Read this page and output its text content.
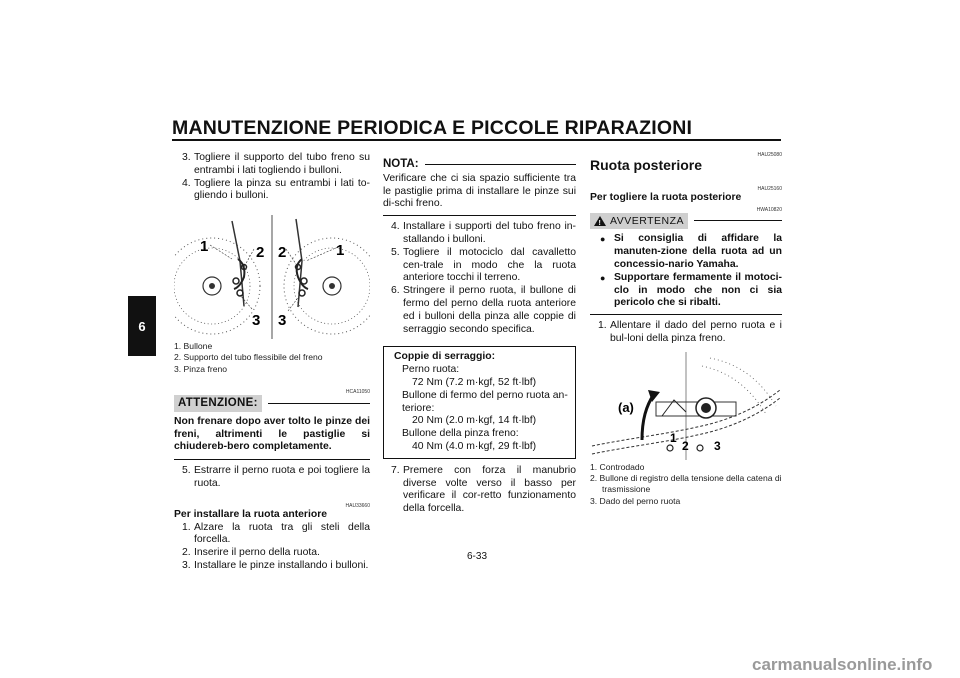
MANUTENZIONE PERIODICA E PICCOLE RIPARAZIONI
6
3. Togliere il supporto del tubo freno su entrambi i lati togliendo i bulloni.
4. Togliere la pinza su entrambi i lati to-gliendo i bulloni.
1	2 2	1
3 3
1. Bullone
2. Supporto del tubo flessibile del freno
3. Pinza freno
HCA11050
ATTENZIONE:
Non frenare dopo aver tolto le pinze dei freni, altrimenti le pastiglie si chiudereb-bero completamente.
5. Estrarre il perno ruota e poi togliere la ruota.
HAU33660
Per installare la ruota anteriore
1. Alzare la ruota tra gli steli della forcella.
2. Inserire il perno della ruota.
3. Installare le pinze installando i bulloni.
NOTA:
Verificare che ci sia spazio sufficiente tra le pastiglie prima di installare le pinze sui di-schi freno.
4. Installare i supporti del tubo freno in-stallando i bulloni.
5. Togliere il motociclo dal cavalletto cen-trale in modo che la ruota anteriore tocchi il terreno.
6. Stringere il perno ruota, il bullone di fermo del perno della ruota anteriore ed i bulloni della pinza alle coppie di serraggio secondo specifica.
Coppie di serraggio:
Perno ruota:
72 Nm (7.2 m·kgf, 52 ft·lbf)
Bullone di fermo del perno ruota an-teriore:
20 Nm (2.0 m·kgf, 14 ft·lbf)
Bullone della pinza freno:
40 Nm (4.0 m·kgf, 29 ft·lbf)
7. Premere con forza il manubrio diverse volte verso il basso per verificare il cor-retto funzionamento della forcella.
HAU25080
Ruota posteriore
HAU25160
Per togliere la ruota posteriore
HWA10820
! AVVERTENZA
● Si consiglia di affidare la manuten-zione della ruota ad un concessio-nario Yamaha.
● Supportare fermamente il motoci-clo in modo che non ci sia pericolo che si ribalti.
1. Allentare il dado del perno ruota e i bul-loni della pinza freno.
(a)
1
2 3
1. Controdado
2. Bullone di registro della tensione della catena di trasmissione
3. Dado del perno ruota
6-33
carmanualsonline.info
